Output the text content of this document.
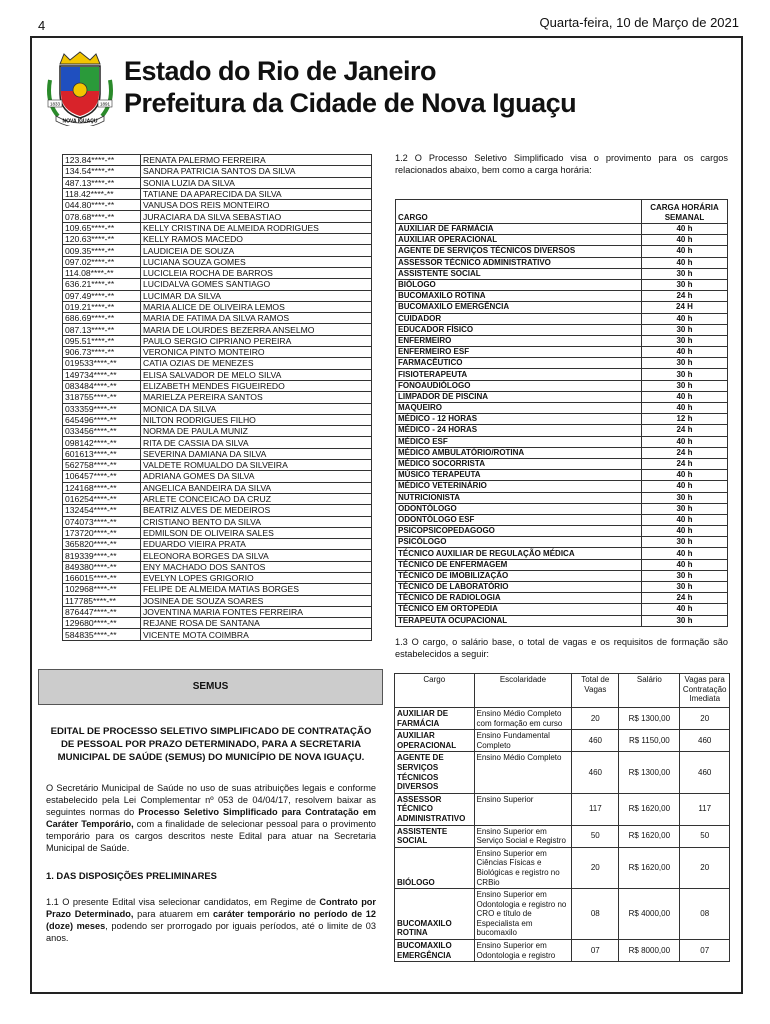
4	Quarta-feira, 10 de Março de 2021
1833	1891
NOVA IGUAÇU
Estado do Rio de Janeiro
Prefeitura da Cidade de Nova Iguaçu
123.84****-**	RENATA PALERMO FERREIRA
134.54****-**	SANDRA PATRICIA SANTOS DA SILVA
487.13****-**	SONIA LUZIA DA SILVA
118.42****-**	TATIANE DA APARECIDA DA SILVA
044.80****-**	VANUSA DOS REIS MONTEIRO
078.68****-**	JURACIARA DA SILVA SEBASTIAO
109.65****-**	KELLY CRISTINA DE ALMEIDA RODRIGUES
120.63****-**	KELLY RAMOS MACEDO
009.35****-**	LAUDICEIA DE SOUZA
097.02****-**	LUCIANA SOUZA GOMES
114.08****-**	LUCICLEIA ROCHA DE BARROS
636.21****-**	LUCIDALVA GOMES SANTIAGO
097.49****-**	LUCIMAR DA SILVA
019.21****-**	MARIA ALICE DE OLIVEIRA LEMOS
686.69****-**	MARIA DE FATIMA DA SILVA RAMOS
087.13****-**	MARIA DE LOURDES BEZERRA ANSELMO
095.51****-**	PAULO SERGIO CIPRIANO PEREIRA
906.73****-**	VERONICA PINTO MONTEIRO
019533****-**	CATIA OZIAS DE MENEZES
149734****-**	ELISA SALVADOR DE MELO SILVA
083484****-**	ELIZABETH MENDES FIGUEIREDO
318755****-**	MARIELZA PEREIRA SANTOS
033359****-**	MONICA DA SILVA
645496****-**	NILTON RODRIGUES FILHO
033456****-**	NORMA DE PAULA MUNIZ
098142****-**	RITA DE CASSIA DA SILVA
601613****-**	SEVERINA DAMIANA DA SILVA
562758****-**	VALDETE ROMUALDO DA SILVEIRA
106457****-**	ADRIANA GOMES DA SILVA
124168****-**	ANGELICA BANDEIRA DA SILVA
016254****-**	ARLETE CONCEICAO DA CRUZ
132454****-**	BEATRIZ ALVES DE MEDEIROS
074073****-**	CRISTIANO BENTO DA SILVA
173720****-**	EDMILSON DE OLIVEIRA SALES
365820****-**	EDUARDO VIEIRA PRATA
819339****-**	ELEONORA BORGES DA SILVA
849380****-**	ENY MACHADO DOS SANTOS
166015****-**	EVELYN LOPES GRIGORIO
102968****-**	FELIPE DE ALMEIDA MATIAS BORGES
117785****-**	JOSINEA DE SOUZA SOARES
876447****-**	JOVENTINA MARIA FONTES FERREIRA
129680****-**	REJANE ROSA DE SANTANA
584835****-**	VICENTE MOTA COIMBRA
1.2 O Processo Seletivo Simplificado visa o provimento para os cargos relacionados abaixo, bem como a carga horária:
CARGO	CARGA HORÁRIA SEMANAL
AUXILIAR DE FARMÁCIA	40 h
AUXILIAR OPERACIONAL	40 h
AGENTE DE SERVIÇOS TÉCNICOS DIVERSOS	40 h
ASSESSOR TÉCNICO ADMINISTRATIVO	40 h
ASSISTENTE SOCIAL	30 h
BIÓLOGO	30 h
BUCOMAXILO ROTINA	24 h
BUCOMAXILO EMERGÊNCIA	24 H
CUIDADOR	40 h
EDUCADOR FÍSICO	30 h
ENFERMEIRO	30 h
ENFERMEIRO ESF	40 h
FARMACÊUTICO	30 h
FISIOTERAPEUTA	30 h
FONOAUDIÓLOGO	30 h
LIMPADOR DE PISCINA	40 h
MAQUEIRO	40 h
MÉDICO - 12 HORAS	12 h
MÉDICO - 24 HORAS	24 h
MÉDICO ESF	40 h
MÉDICO AMBULATÓRIO/ROTINA	24 h
MÉDICO SOCORRISTA	24 h
MÚSICO TERAPEUTA	40 h
MÉDICO VETERINÁRIO	40 h
NUTRICIONISTA	30 h
ODONTÓLOGO	30 h
ODONTÓLOGO ESF	40 h
PSICOPSICOPEDAGOGO	40 h
PSICÓLOGO	30 h
TÉCNICO AUXILIAR DE REGULAÇÃO MÉDICA	40 h
TÉCNICO DE ENFERMAGEM	40 h
TÉCNICO DE IMOBILIZAÇÃO	30 h
TÉCNICO DE LABORATÓRIO	30 h
TÉCNICO DE RADIOLOGIA	24 h
TÉCNICO EM ORTOPEDIA	40 h
TERAPEUTA OCUPACIONAL	30 h
1.3 O cargo, o salário base, o total de vagas e os requisitos de formação são estabelecidos a seguir:
Cargo	Escolaridade	Total de Vagas	Salário	Vagas para Contratação Imediata
AUXILIAR DE FARMÁCIA	Ensino Médio Completo com formação em curso	20	R$ 1300,00	20
AUXILIAR OPERACIONAL	Ensino Fundamental Completo	460	R$ 1150,00	460
AGENTE DE SERVIÇOS TÉCNICOS DIVERSOS	Ensino Médio Completo	460	R$ 1300,00	460
ASSESSOR TÉCNICO ADMINISTRATIVO	Ensino Superior	117	R$ 1620,00	117
ASSISTENTE SOCIAL	Ensino Superior em Serviço Social e Registro	50	R$ 1620,00	50
BIÓLOGO	Ensino Superior em Ciências Físicas e Biológicas e registro no CRBio	20	R$ 1620,00	20
BUCOMAXILO ROTINA	Ensino Superior em Odontologia e registro no CRO e título de Especialista em bucomaxilo	08	R$ 4000,00	08
BUCOMAXILO EMERGÊNCIA	Ensino Superior em Odontologia e registro	07	R$ 8000,00	07
SEMUS
EDITAL DE PROCESSO SELETIVO SIMPLIFICADO DE CONTRATAÇÃO DE PESSOAL POR PRAZO DETERMINADO, PARA A SECRETARIA MUNICIPAL DE SAÚDE (SEMUS) DO MUNICÍPIO DE NOVA IGUAÇU.
O Secretário Municipal de Saúde no uso de suas atribuições legais e conforme estabelecido pela Lei Complementar nº 053 de 04/04/17, resolvem baixar as seguintes normas do Processo Seletivo Simplificado para Contratação em Caráter Temporário, com a finalidade de selecionar pessoal para o provimento temporário para os cargos descritos neste Edital para atuar na Secretaria Municipal de Saúde.
1. DAS DISPOSIÇÕES PRELIMINARES
1.1 O presente Edital visa selecionar candidatos, em Regime de Contrato por Prazo Determinado, para atuarem em caráter temporário no período de 12 (doze) meses, podendo ser prorrogado por iguais períodos, até o limite de 03 anos.
